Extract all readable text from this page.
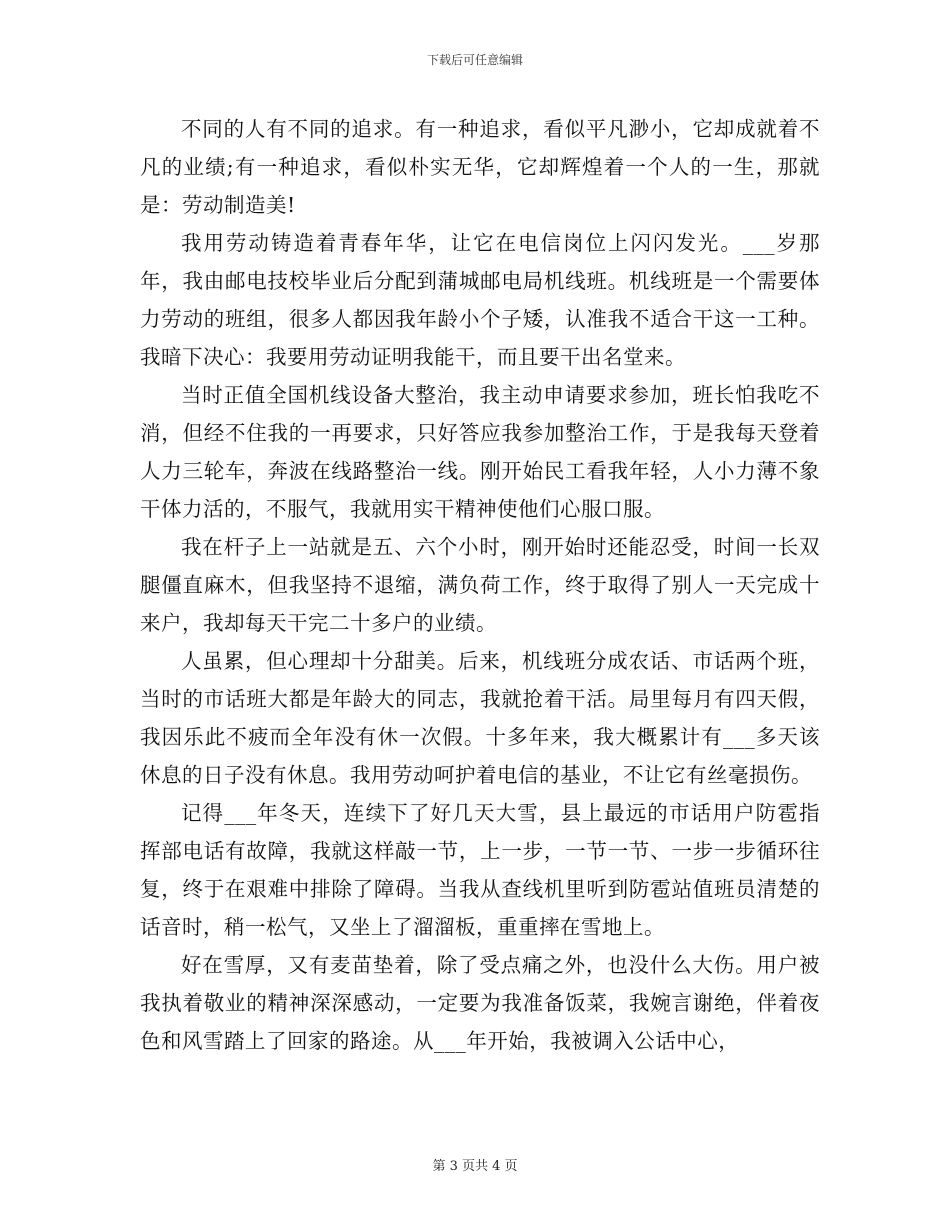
下载后可任意编辑

不同的人有不同的追求。有一种追求，看似平凡渺小，它却成就着不凡的业绩;有一种追求，看似朴实无华，它却辉煌着一个人的一生，那就是：劳动制造美!

我用劳动铸造着青春年华，让它在电信岗位上闪闪发光。___岁那年，我由邮电技校毕业后分配到蒲城邮电局机线班。机线班是一个需要体力劳动的班组，很多人都因我年龄小个子矮，认准我不适合干这一工种。我暗下决心：我要用劳动证明我能干，而且要干出名堂来。

当时正值全国机线设备大整治，我主动申请要求参加，班长怕我吃不消，但经不住我的一再要求，只好答应我参加整治工作，于是我每天登着人力三轮车，奔波在线路整治一线。刚开始民工看我年轻，人小力薄不象干体力活的，不服气，我就用实干精神使他们心服口服。

我在杆子上一站就是五、六个小时，刚开始时还能忍受，时间一长双腿僵直麻木，但我坚持不退缩，满负荷工作，终于取得了别人一天完成十来户，我却每天干完二十多户的业绩。

人虽累，但心理却十分甜美。后来，机线班分成农话、市话两个班，当时的市话班大都是年龄大的同志，我就抢着干活。局里每月有四天假，我因乐此不疲而全年没有休一次假。十多年来，我大概累计有___多天该休息的日子没有休息。我用劳动呵护着电信的基业，不让它有丝毫损伤。

记得___年冬天，连续下了好几天大雪，县上最远的市话用户防雹指挥部电话有故障，我就这样敲一节，上一步，一节一节、一步一步循环往复，终于在艰难中排除了障碍。当我从查线机里听到防雹站值班员清楚的话音时，稍一松气，又坐上了溜溜板，重重摔在雪地上。

好在雪厚，又有麦苗垫着，除了受点痛之外，也没什么大伤。用户被我执着敬业的精神深深感动，一定要为我准备饭菜，我婉言谢绝，伴着夜色和风雪踏上了回家的路途。从___年开始，我被调入公话中心，

第 3 页共 4 页
